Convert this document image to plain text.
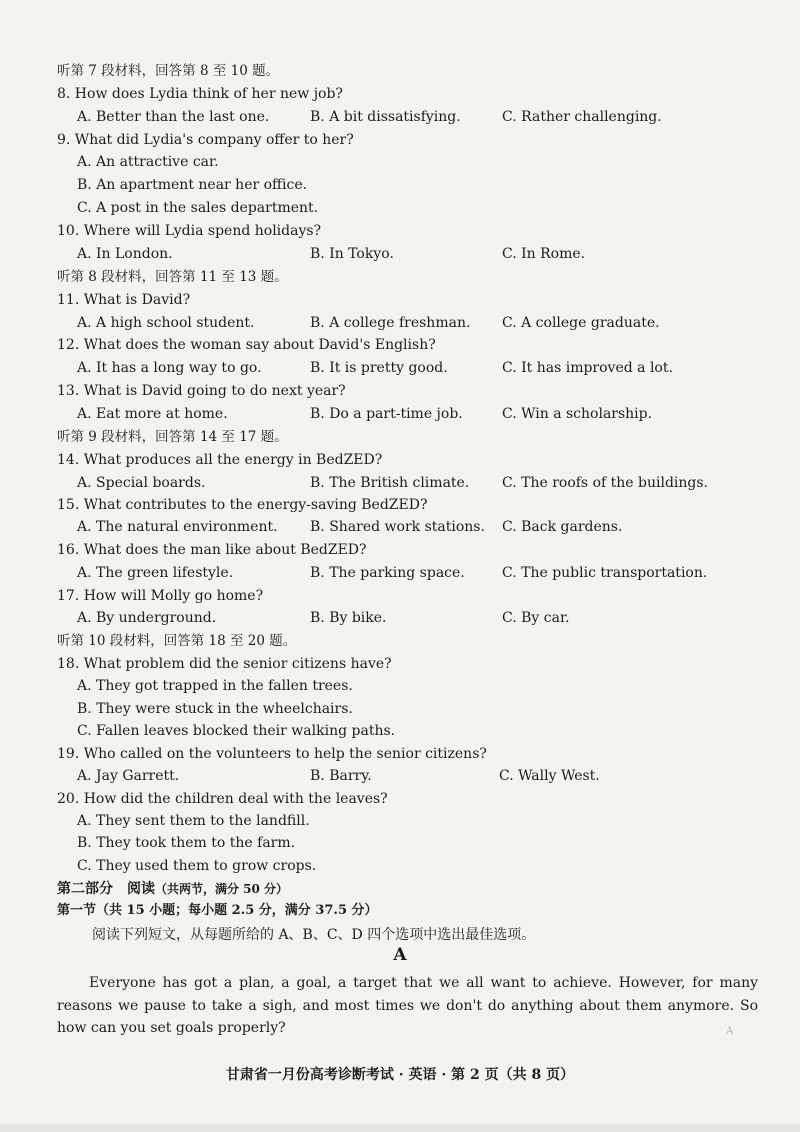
听第 7 段材料，回答第 8 至 10 题。
8. How does Lydia think of her new job?
A. Better than the last one.	B. A bit dissatisfying.	C. Rather challenging.
9. What did Lydia's company offer to her?
A. An attractive car.
B. An apartment near her office.
C. A post in the sales department.
10. Where will Lydia spend holidays?
A. In London.	B. In Tokyo.	C. In Rome.
听第 8 段材料，回答第 11 至 13 题。
11. What is David?
A. A high school student.	B. A college freshman. C. A college graduate.
12. What does the woman say about David's English?
A. It has a long way to go.	B. It is pretty good.	C. It has improved a lot.
13. What is David going to do next year?
A. Eat more at home.	B. Do a part-time job.	C. Win a scholarship.
听第 9 段材料，回答第 14 至 17 题。
14. What produces all the energy in BedZED?
A. Special boards.	B. The British climate. C. The roofs of the buildings.
15. What contributes to the energy-saving BedZED?
A. The natural environment. B. Shared work stations. C. Back gardens.
16. What does the man like about BedZED?
A. The green lifestyle.	B. The parking space.	C. The public transportation.
17. How will Molly go home?
A. By underground.	B. By bike.	C. By car.
听第 10 段材料，回答第 18 至 20 题。
18. What problem did the senior citizens have?
A. They got trapped in the fallen trees.
B. They were stuck in the wheelchairs.
C. Fallen leaves blocked their walking paths.
19. Who called on the volunteers to help the senior citizens?
A. Jay Garrett.	B. Barry.	C. Wally West.
20. How did the children deal with the leaves?
A. They sent them to the landfill.
B. They took them to the farm.
C. They used them to grow crops.
第二部分　阅读（共两节，满分 50 分）
第一节（共 15 小题；每小题 2.5 分，满分 37.5 分）
阅读下列短文，从每题所给的 A、B、C、D 四个选项中选出最佳选项。
A
Everyone has got a plan, a goal, a target that we all want to achieve. However, for many reasons we pause to take a sigh, and most times we don't do anything about them anymore. So how can you set goals properly?	A
甘肃省一月份高考诊断考试 · 英语 · 第 2 页（共 8 页）
